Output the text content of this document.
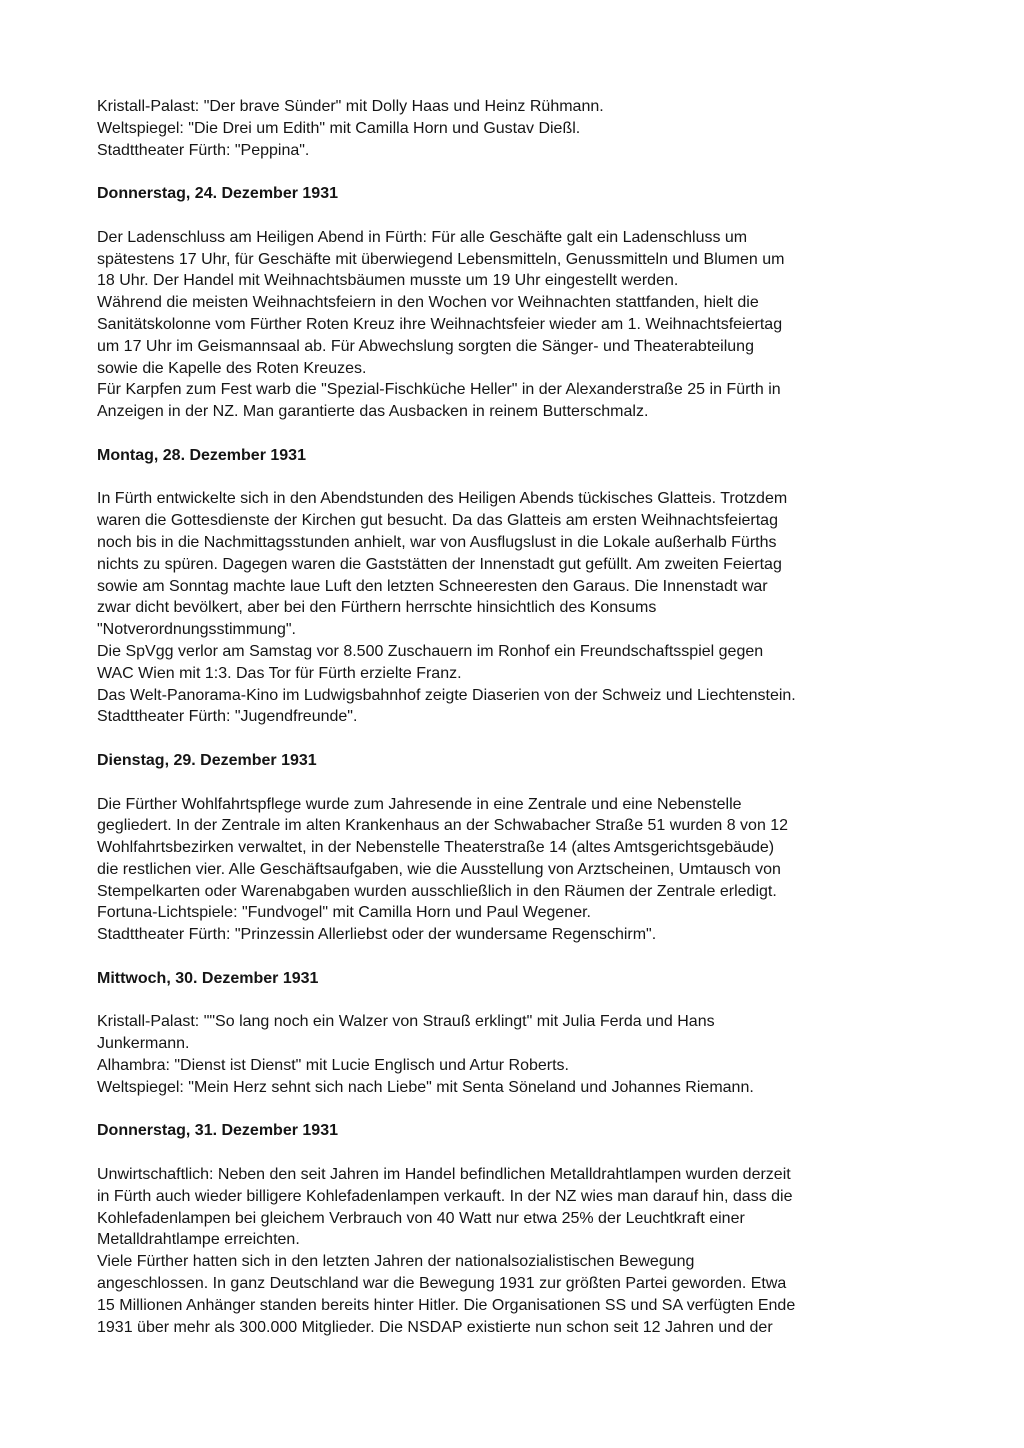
Kristall-Palast: "Der brave Sünder" mit Dolly Haas und Heinz Rühmann.
Weltspiegel: "Die Drei um Edith" mit Camilla Horn und Gustav Dießl.
Stadttheater Fürth: "Peppina".
Donnerstag, 24. Dezember 1931
Der Ladenschluss am Heiligen Abend in Fürth: Für alle Geschäfte galt ein Ladenschluss um
spätestens 17 Uhr, für Geschäfte mit überwiegend Lebensmitteln, Genussmitteln und Blumen um
18 Uhr. Der Handel mit Weihnachtsbäumen musste um 19 Uhr eingestellt werden.
Während die meisten Weihnachtsfeiern in den Wochen vor Weihnachten stattfanden, hielt die
Sanitätskolonne vom Fürther Roten Kreuz ihre Weihnachtsfeier wieder am 1. Weihnachtsfeiertag
um 17 Uhr im Geismannsaal ab. Für Abwechslung sorgten die Sänger- und Theaterabteilung
sowie die Kapelle des Roten Kreuzes.
Für Karpfen zum Fest warb die "Spezial-Fischküche Heller" in der Alexanderstraße 25 in Fürth in
Anzeigen in der NZ. Man garantierte das Ausbacken in reinem Butterschmalz.
Montag, 28. Dezember 1931
In Fürth entwickelte sich in den Abendstunden des Heiligen Abends tückisches Glatteis. Trotzdem
waren die Gottesdienste der Kirchen gut besucht. Da das Glatteis am ersten Weihnachtsfeiertag
noch bis in die Nachmittagsstunden anhielt, war von Ausflugslust in die Lokale außerhalb Fürths
nichts zu spüren. Dagegen waren die Gaststätten der Innenstadt gut gefüllt. Am zweiten Feiertag
sowie am Sonntag machte laue Luft den letzten Schneeresten den Garaus. Die Innenstadt war
zwar dicht bevölkert, aber bei den Fürthern herrschte hinsichtlich des Konsums
"Notverordnungsstimmung".
Die SpVgg verlor am Samstag vor 8.500 Zuschauern im Ronhof ein Freundschaftsspiel gegen
WAC Wien mit 1:3. Das Tor für Fürth erzielte Franz.
Das Welt-Panorama-Kino im Ludwigsbahnhof zeigte Diaserien von der Schweiz und Liechtenstein.
Stadttheater Fürth: "Jugendfreunde".
Dienstag, 29. Dezember 1931
Die Fürther Wohlfahrtspflege wurde zum Jahresende in eine Zentrale und eine Nebenstelle
gegliedert. In der Zentrale im alten Krankenhaus an der Schwabacher Straße 51 wurden 8 von 12
Wohlfahrtsbezirken verwaltet, in der Nebenstelle Theaterstraße 14 (altes Amtsgerichtsgebäude)
die restlichen vier. Alle Geschäftsaufgaben, wie die Ausstellung von Arztscheinen, Umtausch von
Stempelkarten oder Warenabgaben wurden ausschließlich in den Räumen der Zentrale erledigt.
Fortuna-Lichtspiele: "Fundvogel" mit Camilla Horn und Paul Wegener.
Stadttheater Fürth: "Prinzessin Allerliebst oder der wundersame Regenschirm".
Mittwoch, 30. Dezember 1931
Kristall-Palast: ""So lang noch ein Walzer von Strauß erklingt" mit Julia Ferda und Hans
Junkermann.
Alhambra: "Dienst ist Dienst" mit Lucie Englisch und Artur Roberts.
Weltspiegel: "Mein Herz sehnt sich nach Liebe" mit Senta Söneland und Johannes Riemann.
Donnerstag, 31. Dezember 1931
Unwirtschaftlich: Neben den seit Jahren im Handel befindlichen Metalldrahtlampen wurden derzeit
in Fürth auch wieder billigere Kohlefadenlampen verkauft. In der NZ wies man darauf hin, dass die
Kohlefadenlampen bei gleichem Verbrauch von 40 Watt nur etwa 25% der Leuchtkraft einer
Metalldrahtlampe erreichten.
Viele Fürther hatten sich in den letzten Jahren der nationalsozialistischen Bewegung
angeschlossen. In ganz Deutschland war die Bewegung 1931 zur größten Partei geworden. Etwa
15 Millionen Anhänger standen bereits hinter Hitler. Die Organisationen SS und SA verfügten Ende
1931 über mehr als 300.000 Mitglieder. Die NSDAP existierte nun schon seit 12 Jahren und der
